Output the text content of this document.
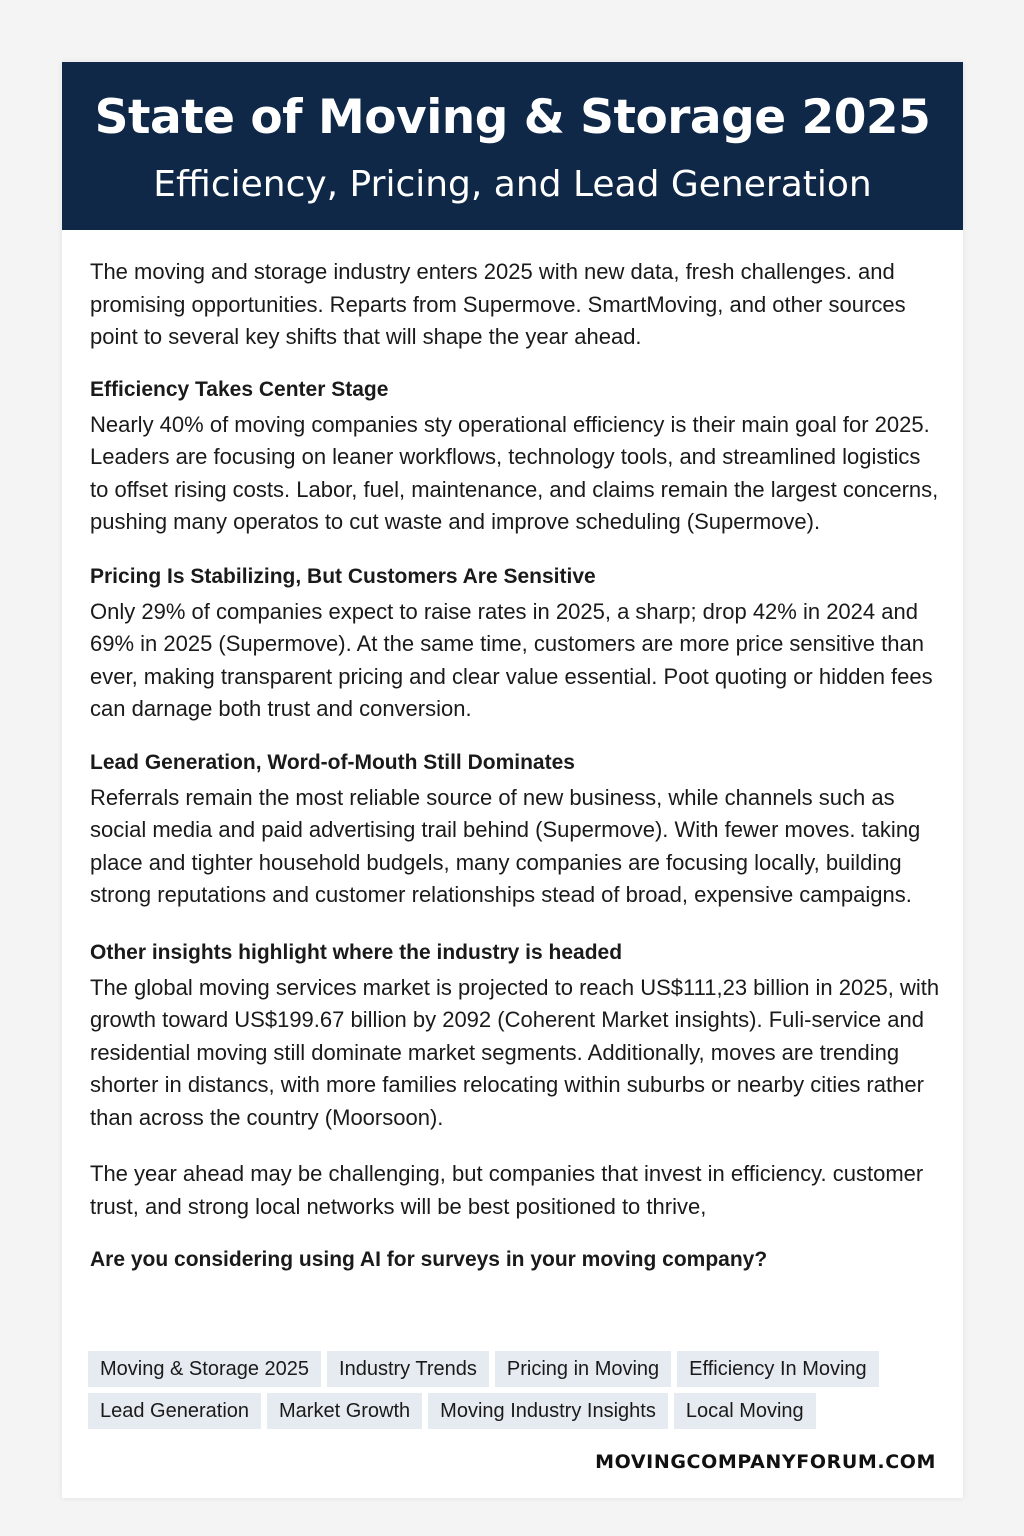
State of Moving & Storage 2025
Efficiency, Pricing, and Lead Generation

The moving and storage industry enters 2025 with new data, fresh challenges. and promising opportunities. Reparts from Supermove. SmartMoving, and other sources point to several key shifts that will shape the year ahead.

Efficiency Takes Center Stage

Nearly 40% of moving companies sty operational efficiency is their main goal for 2025. Leaders are focusing on leaner workflows, technology tools, and streamlined logistics to offset rising costs. Labor, fuel, maintenance, and claims remain the largest concerns, pushing many operatos to cut waste and improve scheduling (Supermove).

Pricing Is Stabilizing, But Customers Are Sensitive

Only 29% of companies expect to raise rates in 2025, a sharp; drop 42% in 2024 and 69% in 2025 (Supermove). At the same time, customers are more price sensitive than ever, making transparent pricing and clear value essential. Poot quoting or hidden fees can darnage both trust and conversion.

Lead Generation, Word-of-Mouth Still Dominates

Referrals remain the most reliable source of new business, while channels such as social media and paid advertising trail behind (Supermove). With fewer moves. taking place and tighter household budgels, many companies are focusing locally, building strong reputations and customer relationships stead of broad, expensive campaigns.

Other insights highlight where the industry is headed

The global moving services market is projected to reach US$111,23 billion in 2025, with growth toward US$199.67 billion by 2092 (Coherent Market insights). Fuli-service and residential moving still dominate market segments. Additionally, moves are trending shorter in distancs, with more families relocating within suburbs or nearby cities rather than across the country (Moorsoon).

The year ahead may be challenging, but companies that invest in efficiency. customer trust, and strong local networks will be best positioned to thrive,

Are you considering using AI for surveys in your moving company?
Moving & Storage 2025	Industry Trends	Pricing in Moving	Efficiency In Moving
Lead Generation	Market Growth	Moving Industry Insights	Local Moving
MOVINGCOMPANYFORUM.COM
